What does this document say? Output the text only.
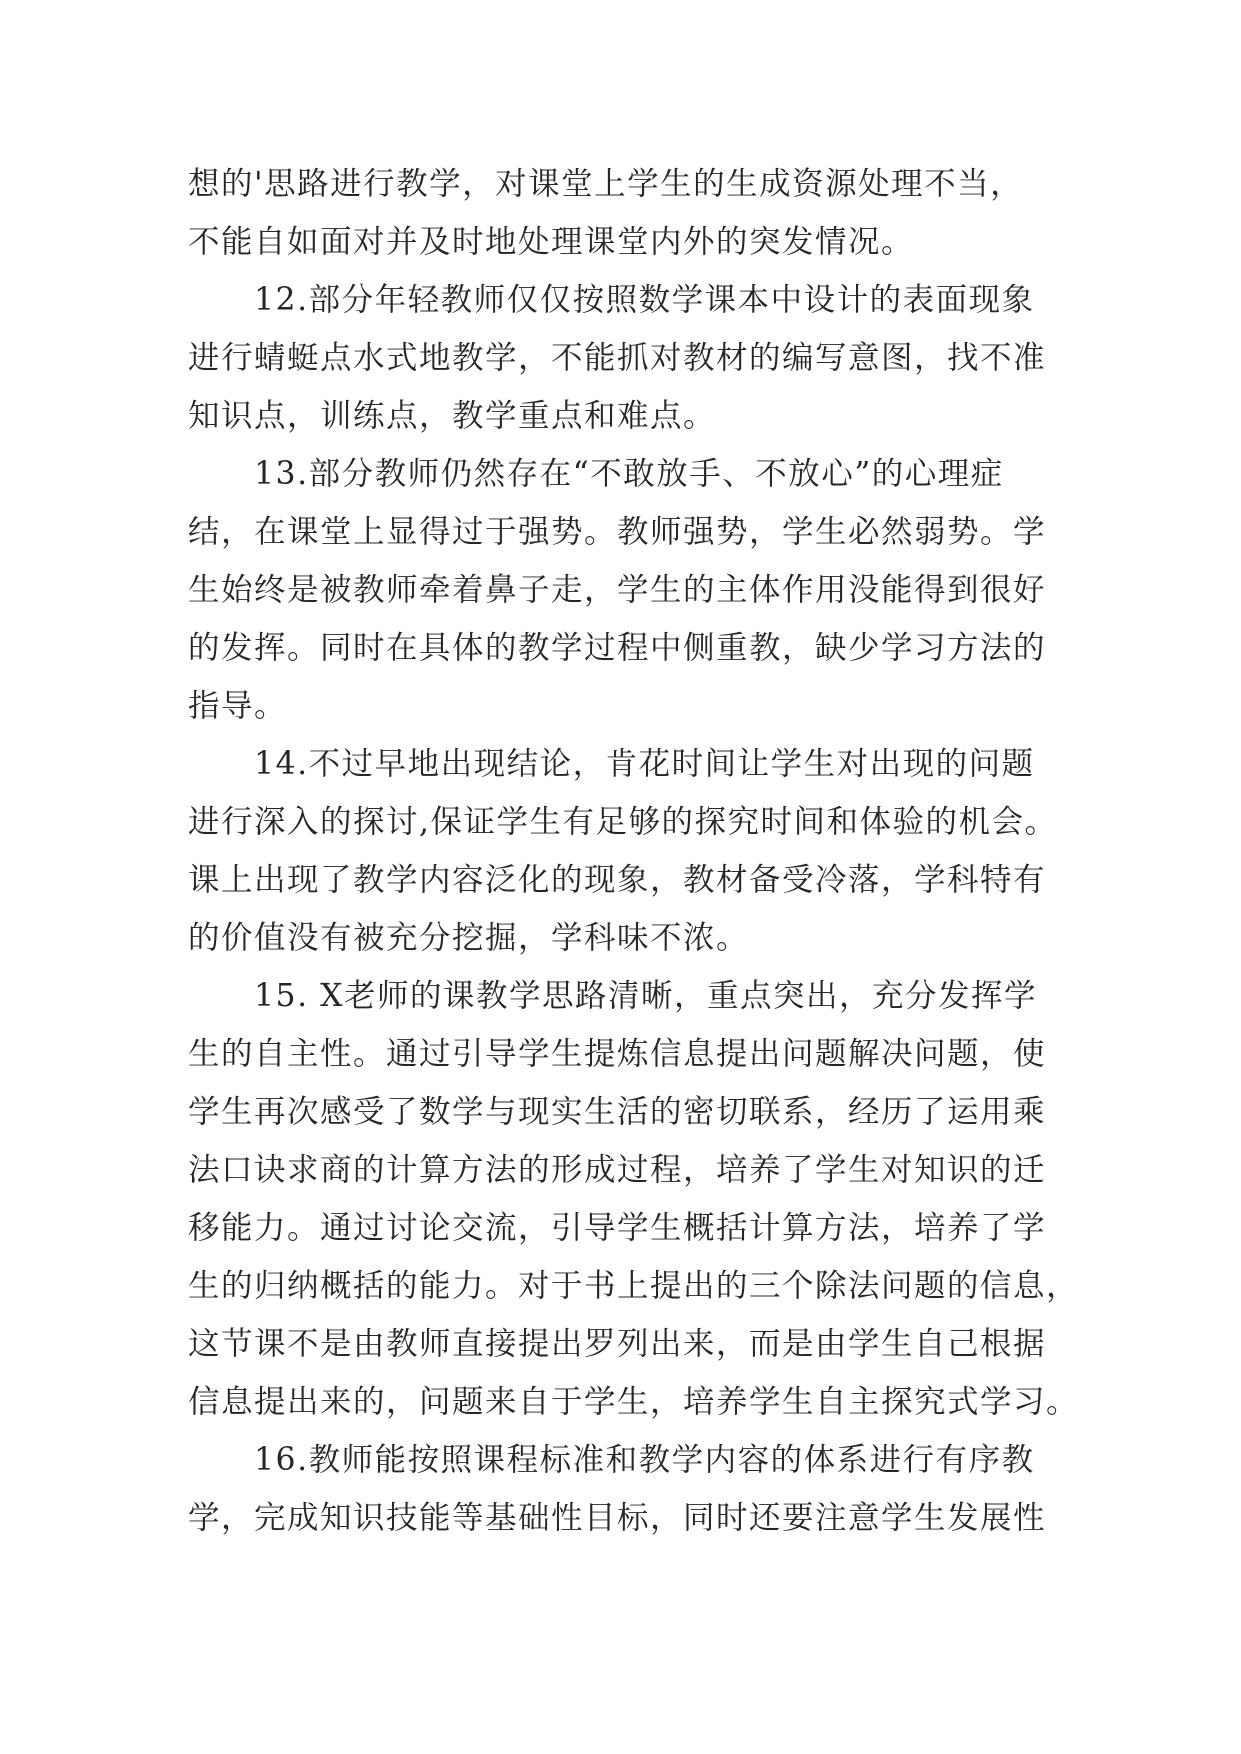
想的'思路进行教学，对课堂上学生的生成资源处理不当，
不能自如面对并及时地处理课堂内外的突发情况。
　　12.部分年轻教师仅仅按照数学课本中设计的表面现象
进行蜻蜓点水式地教学，不能抓对教材的编写意图，找不准
知识点，训练点，教学重点和难点。
　　13.部分教师仍然存在“不敢放手、不放心”的心理症
结，在课堂上显得过于强势。教师强势，学生必然弱势。学
生始终是被教师牵着鼻子走，学生的主体作用没能得到很好
的发挥。同时在具体的教学过程中侧重教，缺少学习方法的
指导。
　　14.不过早地出现结论，肯花时间让学生对出现的问题
进行深入的探讨,保证学生有足够的探究时间和体验的机会。
课上出现了教学内容泛化的现象，教材备受冷落，学科特有
的价值没有被充分挖掘，学科味不浓。
　　15. X老师的课教学思路清晰，重点突出，充分发挥学
生的自主性。通过引导学生提炼信息提出问题解决问题，使
学生再次感受了数学与现实生活的密切联系，经历了运用乘
法口诀求商的计算方法的形成过程，培养了学生对知识的迁
移能力。通过讨论交流，引导学生概括计算方法，培养了学
生的归纳概括的能力。对于书上提出的三个除法问题的信息，
这节课不是由教师直接提出罗列出来，而是由学生自己根据
信息提出来的，问题来自于学生，培养学生自主探究式学习。
　　16.教师能按照课程标准和教学内容的体系进行有序教
学，完成知识技能等基础性目标，同时还要注意学生发展性
